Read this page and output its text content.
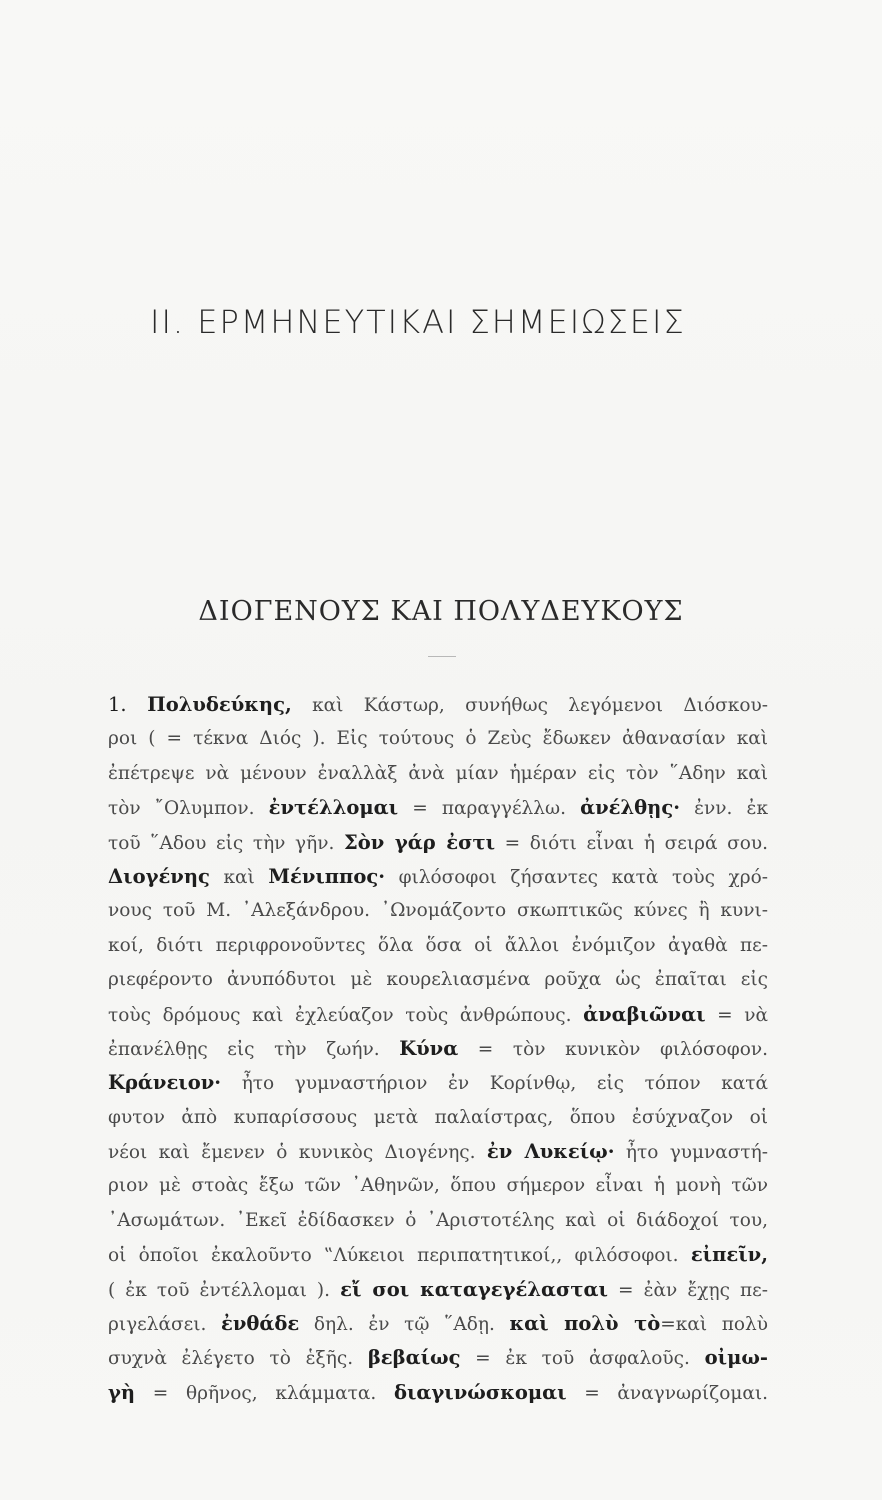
II. ΕΡΜΗΝΕΥΤΙΚΑΙ ΣΗΜΕΙΩΣΕΙΣ
ΔΙΟΓΕΝΟΥΣ ΚΑΙ ΠΟΛΥΔΕΥΚΟΥΣ
1. Πολυδεύκης, καὶ Κάστωρ, συνήθως λεγόμενοι Διόσκου-
ροι ( = τέκνα Διός ). Εἰς τούτους ὁ Ζεὺς ἔδωκεν ἀθανασίαν καὶ
ἐπέτρεψε νὰ μένουν ἐναλλὰξ ἀνὰ μίαν ἡμέραν εἰς τὸν ῞Αδην καὶ
τὸν ῎Ολυμπον. ἐντέλλομαι = παραγγέλλω. ἀνέλθῃς· ἐνν. ἐκ
τοῦ ῞Αδου εἰς τὴν γῆν. Σὸν γάρ ἐστι = διότι εἶναι ἡ σειρά σου.
Διογένης καὶ Μένιππος· φιλόσοφοι ζήσαντες κατὰ τοὺς χρό-
νους τοῦ Μ. ᾿Αλεξάνδρου. ᾿Ωνομάζοντο σκωπτικῶς κύνες ἢ κυνι-
κοί, διότι περιφρονοῦντες ὅλα ὅσα οἱ ἄλλοι ἐνόμιζον ἀγαθὰ πε-
ριεφέροντο ἀνυπόδυτοι μὲ κουρελιασμένα ροῦχα ὡς ἐπαῖται εἰς
τοὺς δρόμους καὶ ἐχλεύαζον τοὺς ἀνθρώπους. ἀναβιῶναι = νὰ
ἐπανέλθῃς εἰς τὴν ζωήν. Κύνα = τὸν κυνικὸν φιλόσοφον.
Κράνειον· ἦτο γυμναστήριον ἐν Κορίνθῳ, εἰς τόπον κατά
φυτον ἀπὸ κυπαρίσσους μετὰ παλαίστρας, ὅπου ἐσύχναζον οἱ
νέοι καὶ ἔμενεν ὁ κυνικὸς Διογένης. ἐν Λυκείῳ· ἦτο γυμναστή-
ριον μὲ στοὰς ἔξω τῶν ᾿Αθηνῶν, ὅπου σήμερον εἶναι ἡ μονὴ τῶν
᾿Ασωμάτων. ᾿Εκεῖ ἐδίδασκεν ὁ ᾿Αριστοτέλης καὶ οἱ διάδοχοί του,
οἱ ὁποῖοι ἐκαλοῦντο ‟Λύκειοι περιπατητικοί,, φιλόσοφοι. εἰπεῖν,
( ἐκ τοῦ ἐντέλλομαι ). εἴ σοι καταγεγέλασται = ἐὰν ἔχῃς πε-
ριγελάσει. ἐνθάδε δηλ. ἐν τῷ ῞Αδῃ. καὶ πολὺ τὸ=καὶ πολὺ
συχνὰ ἐλέγετο τὸ ἑξῆς. βεβαίως = ἐκ τοῦ ἀσφαλοῦς. οἰμω-
γὴ = θρῆνος, κλάμματα. διαγινώσκομαι = ἀναγνωρίζομαι.
